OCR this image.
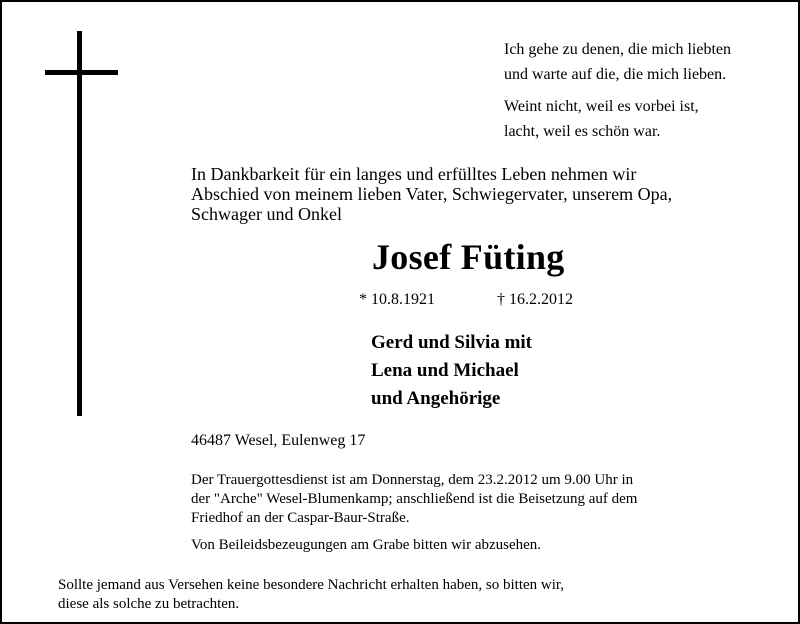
Ich gehe zu denen, die mich liebten
und warte auf die, die mich lieben.
Weint nicht, weil es vorbei ist,
lacht, weil es schön war.
In Dankbarkeit für ein langes und erfülltes Leben nehmen wir
Abschied von meinem lieben Vater, Schwiegervater, unserem Opa,
Schwager und Onkel
Josef Füting
* 10.8.1921	† 16.2.2012
Gerd und Silvia mit
Lena und Michael
und Angehörige
46487 Wesel, Eulenweg 17
Der Trauergottesdienst ist am Donnerstag, dem 23.2.2012 um 9.00 Uhr in
der "Arche" Wesel-Blumenkamp; anschließend ist die Beisetzung auf dem
Friedhof an der Caspar-Baur-Straße.
Von Beileidsbezeugungen am Grabe bitten wir abzusehen.
Sollte jemand aus Versehen keine besondere Nachricht erhalten haben, so bitten wir,
diese als solche zu betrachten.
